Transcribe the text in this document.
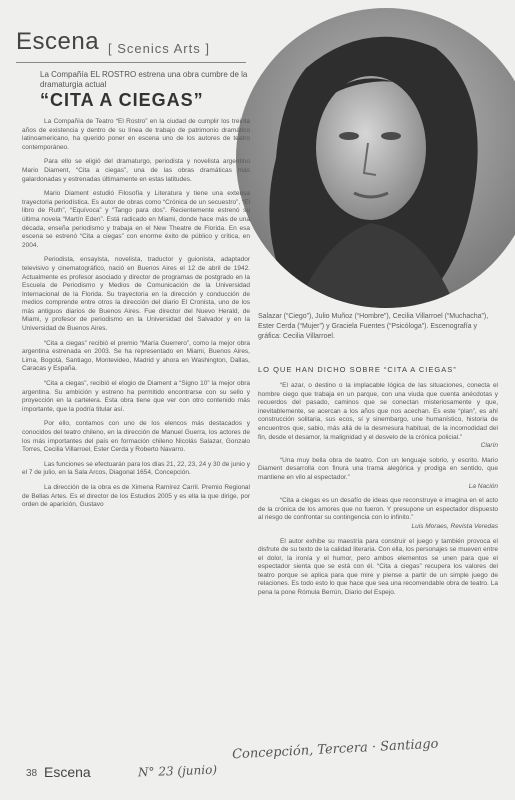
Escena [ Scenics Arts ]
La Compañía EL ROSTRO estrena una obra cumbre de la dramaturgia actual
“CITA A CIEGAS”

La Compañía de Teatro “El Rostro” en la ciudad de cumplir los treinta años de existencia y dentro de su línea de trabajo de patrimonio dramático latinoamericano, ha querido poner en escena uno de los autores de teatro contemporáneo.

Para ello se eligió del dramaturgo, periodista y novelista argentino Mario Diament, “Cita a ciegas”, una de las obras dramáticas más galardonadas y estrenadas últimamente en estas latitudes.

Mario Diament estudió Filosofía y Literatura y tiene una extensa trayectoria periodística. Es autor de obras como “Crónica de un secuestro”, “El libro de Ruth”, “Equívoca” y “Tango para dos”. Recientemente estrenó su última novela “Martín Eden”. Está radicado en Miami, donde hace más de una década, enseña periodismo y trabaja en el New Theatre de Florida. En esa escena se estrenó “Cita a ciegas” con enorme éxito de público y crítica, en 2004.

Periodista, ensayista, novelista, traductor y guionista, adaptador televisivo y cinematográfico, nació en Buenos Aires el 12 de abril de 1942. Actualmente es profesor asociado y director de programas de postgrado en la Escuela de Periodismo y Medios de Comunicación de la Universidad Internacional de la Florida. Su trayectoria en la dirección y conducción de medios comprende entre otros la dirección del diario El Cronista, uno de los más antiguos diarios de Buenos Aires. Fue director del Nuevo Herald, de Miami, y profesor de periodismo en la Universidad del Salvador y en la Universidad de Buenos Aires.

“Cita a ciegas” recibió el premio “María Guerrero”, como la mejor obra argentina estrenada en 2003. Se ha representado en Miami, Buenos Aires, Lima, Bogotá, Santiago, Montevideo, Madrid y ahora en Washington, Dallas, Caracas y España.

“Cita a ciegas”, recibió el elogio de Diament a “Signo 10” la mejor obra argentina. Su ambición y estreno ha permitido encontrarse con su sello y proyección en la cartelera. Esta obra tiene que ver con otro contenido más importante, que la podría titular así.

Por ello, contamos con uno de los elencos más destacados y conocidos del teatro chileno, en la dirección de Manuel Guerra, los actores de los más importantes del país en formación chileno Nicolás Salazar, Gonzalo Torres, Cecilia Villarroel, Ester Cerda y Roberto Navarro.

Las funciones se efectuarán para los días 21, 22, 23, 24 y 30 de junio y el 7 de julio, en la Sala Arcos, Diagonal 1654, Concepción.

La dirección de la obra es de Ximena Ramírez Carril. Premio Regional de Bellas Artes. Es el director de los Estudios 2005 y es ella la que dirige, por orden de aparición, Gustavo

Salazar (“Ciego”), Julio Muñoz (“Hombre”), Cecilia Villarroel (“Muchacha”), Ester Cerda (“Mujer”) y Graciela Fuentes (“Psicóloga”). Escenografía y gráfica: Cecilia Villarroel.

LO QUE HAN DICHO SOBRE “CITA A CIEGAS”

“El azar, o destino o la implacable lógica de las situaciones, conecta el hombre ciego que trabaja en un parque, con una viuda que cuenta anécdotas y recuerdos del pasado, caminos que se conectan misteriosamente y que, inevitablemente, se acercan a los años que nos acechan. Es este “plan”, es ahí construcción solitaria, sus ecos, sí y sinembargo, une humanístico, historia de encuentros que, sabio, más allá de la desmesura habitual, de la incomodidad del fin, desde el desamor, la malignidad y el desvelo de la crónica policial.”
Clarín

“Una muy bella obra de teatro. Con un lenguaje sobrio, y escrito. Mario Diament desarrolla con finura una trama alegórica y prodiga en sentido, que mantiene en vilo al espectador.”
La Nación

“Cita a ciegas es un desafío de ideas que reconstruye e imagina en el acto de la crónica de los amores que no fueron. Y presupone un espectador dispuesto al riesgo de confrontar su contingencia con lo infinito.”
Luis Moraes, Revista Veredas

El autor exhibe su maestría para construir el juego y también provoca el disfrute de su texto de la calidad literaria. Con ella, los personajes se mueven entre el dolor, la ironía y el humor, pero ambos elementos se unen para que el espectador sienta que se está con él. “Cita a ciegas” recupera los valores del teatro porque se aplica para que mire y piense a partir de un simple juego de relaciones. Es todo esto lo que hace que sea una recomendable obra de teatro. La pena la pone Rómula Berrún, Diario del Espejo.

38 Escena
Concepción, Tercera · Santiago
N° 23 (junio)
